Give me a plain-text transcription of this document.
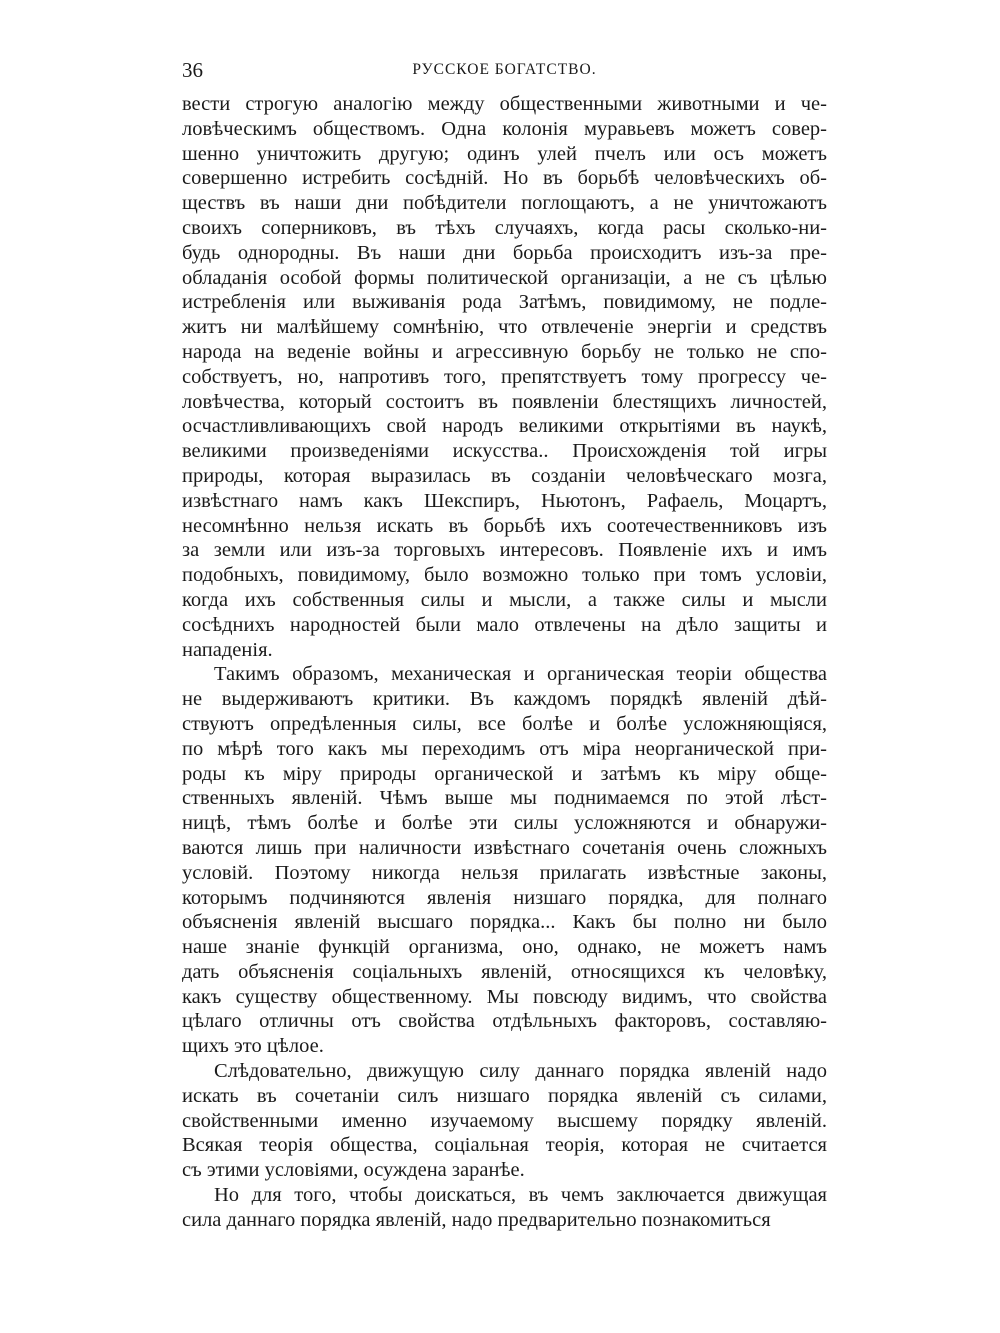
36	РУССКОЕ БОГАТСТВО.

вести строгую аналогію между общественными животными и че-
ловѣческимъ обществомъ. Одна колонія муравьевъ можетъ совер-
шенно уничтожить другую; одинъ улей пчелъ или осъ можетъ
совершенно истребить сосѣдній. Но въ борьбѣ человѣческихъ об-
ществъ въ наши дни побѣдители поглощаютъ, а не уничтожаютъ
своихъ соперниковъ, въ тѣхъ случаяхъ, когда расы сколько-ни-
будь однородны. Въ наши дни борьба происходитъ изъ-за пре-
обладанія особой формы политической организаціи, а не съ цѣлью
истребленія или выживанія рода Затѣмъ, повидимому, не подле-
житъ ни малѣйшему сомнѣнію, что отвлеченіе энергіи и средствъ
народа на веденіе войны и агрессивную борьбу не только не спо-
собствуетъ, но, напротивъ того, препятствуетъ тому прогрессу че-
ловѣчества, который состоитъ въ появленіи блестящихъ личностей,
осчастливливающихъ свой народъ великими открытіями въ наукѣ,
великими произведеніями искусства.. Происхожденія той игры
природы, которая выразилась въ созданіи человѣческаго мозга,
извѣстнаго намъ какъ Шекспиръ, Ньютонъ, Рафаель, Моцартъ,
несомнѣнно нельзя искать въ борьбѣ ихъ соотечественниковъ изъ
за земли или изъ-за торговыхъ интересовъ. Появленіе ихъ и имъ
подобныхъ, повидимому, было возможно только при томъ условіи,
когда ихъ собственныя силы и мысли, а также силы и мысли
сосѣднихъ народностей были мало отвлечены на дѣло защиты и
нападенія.

Такимъ образомъ, механическая и органическая теоріи общества
не выдерживаютъ критики. Въ каждомъ порядкѣ явленій дѣй-
ствуютъ опредѣленныя силы, все болѣе и болѣе усложняющіяся,
по мѣрѣ того какъ мы переходимъ отъ міра неорганической при-
роды къ міру природы органической и затѣмъ къ міру обще-
ственныхъ явленій. Чѣмъ выше мы поднимаемся по этой лѣст-
ницѣ, тѣмъ болѣе и болѣе эти силы усложняются и обнаружи-
ваются лишь при наличности извѣстнаго сочетанія очень сложныхъ
условій. Поэтому никогда нельзя прилагать извѣстные законы,
которымъ подчиняются явленія низшаго порядка, для полнаго
объясненія явленій высшаго порядка... Какъ бы полно ни было
наше знаніе функцій организма, оно, однако, не можетъ намъ
дать объясненія соціальныхъ явленій, относящихся къ человѣку,
какъ существу общественному. Мы повсюду видимъ, что свойства
цѣлаго отличны отъ свойства отдѣльныхъ факторовъ, составляю-
щихъ это цѣлое.

Слѣдовательно, движущую силу даннаго порядка явленій надо
искать въ сочетаніи силъ низшаго порядка явленій съ силами,
свойственными именно изучаемому высшему порядку явленій.
Всякая теорія общества, соціальная теорія, которая не считается
съ этими условіями, осуждена заранѣе.

Но для того, чтобы доискаться, въ чемъ заключается движущая
сила даннаго порядка явленій, надо предварительно познакомиться
